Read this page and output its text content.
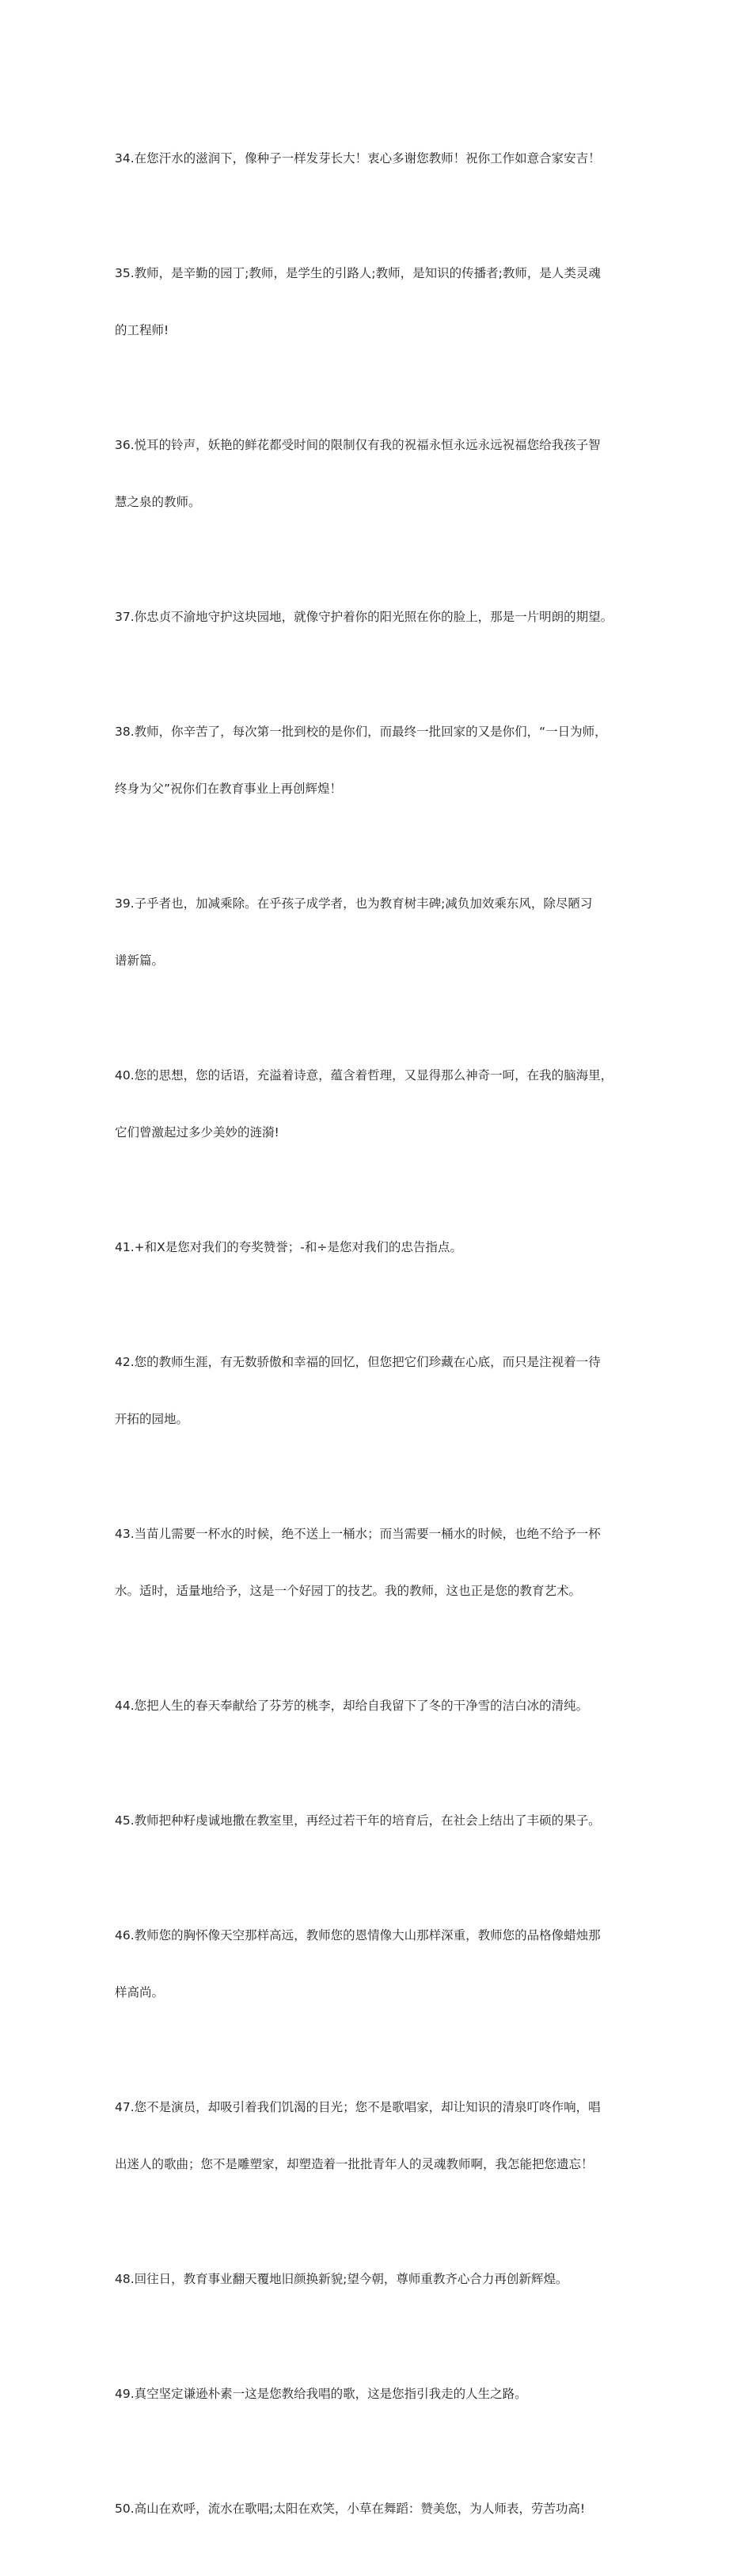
34.在您汗水的滋润下，像种子一样发芽长大！衷心多谢您教师！祝你工作如意合家安吉！

35.教师，是辛勤的园丁;教师，是学生的引路人;教师，是知识的传播者;教师，是人类灵魂

的工程师!

36.悦耳的铃声，妖艳的鲜花都受时间的限制仅有我的祝福永恒永远永远祝福您给我孩子智

慧之泉的教师。

37.你忠贞不渝地守护这块园地，就像守护着你的阳光照在你的脸上，那是一片明朗的期望。

38.教师，你辛苦了，每次第一批到校的是你们，而最终一批回家的又是你们，“一日为师，

终身为父”祝你们在教育事业上再创辉煌！

39.子乎者也，加减乘除。在乎孩子成学者，也为教育树丰碑;减负加效乘东风，除尽陋习

谱新篇。

40.您的思想，您的话语，充溢着诗意，蕴含着哲理，又显得那么神奇一呵，在我的脑海里，

它们曾激起过多少美妙的涟漪!

41.+和Ⅹ是您对我们的夸奖赞誉；-和÷是您对我们的忠告指点。

42.您的教师生涯，有无数骄傲和幸福的回忆，但您把它们珍藏在心底，而只是注视着一待

开拓的园地。

43.当苗儿需要一杯水的时候，绝不送上一桶水；而当需要一桶水的时候，也绝不给予一杯

水。适时，适量地给予，这是一个好园丁的技艺。我的教师，这也正是您的教育艺术。

44.您把人生的春天奉献给了芬芳的桃李，却给自我留下了冬的干净雪的洁白冰的清纯。

45.教师把种籽虔诚地撒在教室里，再经过若干年的培育后，在社会上结出了丰硕的果子。

46.教师您的胸怀像天空那样高远，教师您的恩情像大山那样深重，教师您的品格像蜡烛那

样高尚。

47.您不是演员，却吸引着我们饥渴的目光；您不是歌唱家，却让知识的清泉叮咚作响，唱

出迷人的歌曲；您不是雕塑家，却塑造着一批批青年人的灵魂教师啊，我怎能把您遗忘！

48.回往日，教育事业翻天覆地旧颜换新貌;望今朝，尊师重教齐心合力再创新辉煌。

49.真空坚定谦逊朴素一这是您教给我唱的歌，这是您指引我走的人生之路。

50.高山在欢呼，流水在歌唱;太阳在欢笑，小草在舞蹈：赞美您，为人师表，劳苦功高!
